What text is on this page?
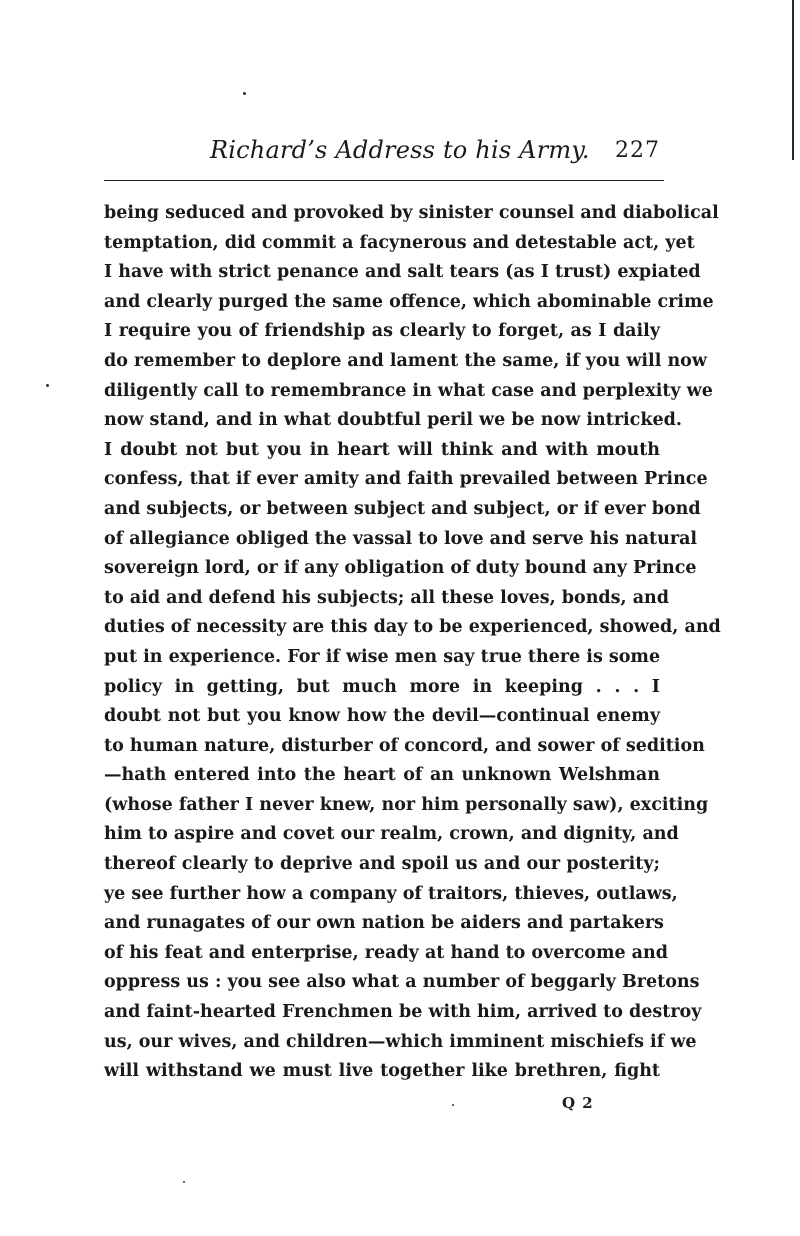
Richard’s Address to his Army. 227
being seduced and provoked by sinister counsel and diabolical
temptation, did commit a facynerous and detestable act, yet
I have with strict penance and salt tears (as I trust) expiated
and clearly purged the same offence, which abominable crime
I require you of friendship as clearly to forget, as I daily
do remember to deplore and lament the same, if you will now
diligently call to remembrance in what case and perplexity we
now stand, and in what doubtful peril we be now intricked.
I doubt not but you in heart will think and with mouth
confess, that if ever amity and faith prevailed between Prince
and subjects, or between subject and subject, or if ever bond
of allegiance obliged the vassal to love and serve his natural
sovereign lord, or if any obligation of duty bound any Prince
to aid and defend his subjects; all these loves, bonds, and
duties of necessity are this day to be experienced, showed, and
put in experience. For if wise men say true there is some
policy in getting, but much more in keeping . . . I
doubt not but you know how the devil—continual enemy
to human nature, disturber of concord, and sower of sedition
—hath entered into the heart of an unknown Welshman
(whose father I never knew, nor him personally saw), exciting
him to aspire and covet our realm, crown, and dignity, and
thereof clearly to deprive and spoil us and our posterity;
ye see further how a company of traitors, thieves, outlaws,
and runagates of our own nation be aiders and partakers
of his feat and enterprise, ready at hand to overcome and
oppress us : you see also what a number of beggarly Bretons
and faint-hearted Frenchmen be with him, arrived to destroy
us, our wives, and children—which imminent mischiefs if we
will withstand we must live together like brethren, fight
Q 2
